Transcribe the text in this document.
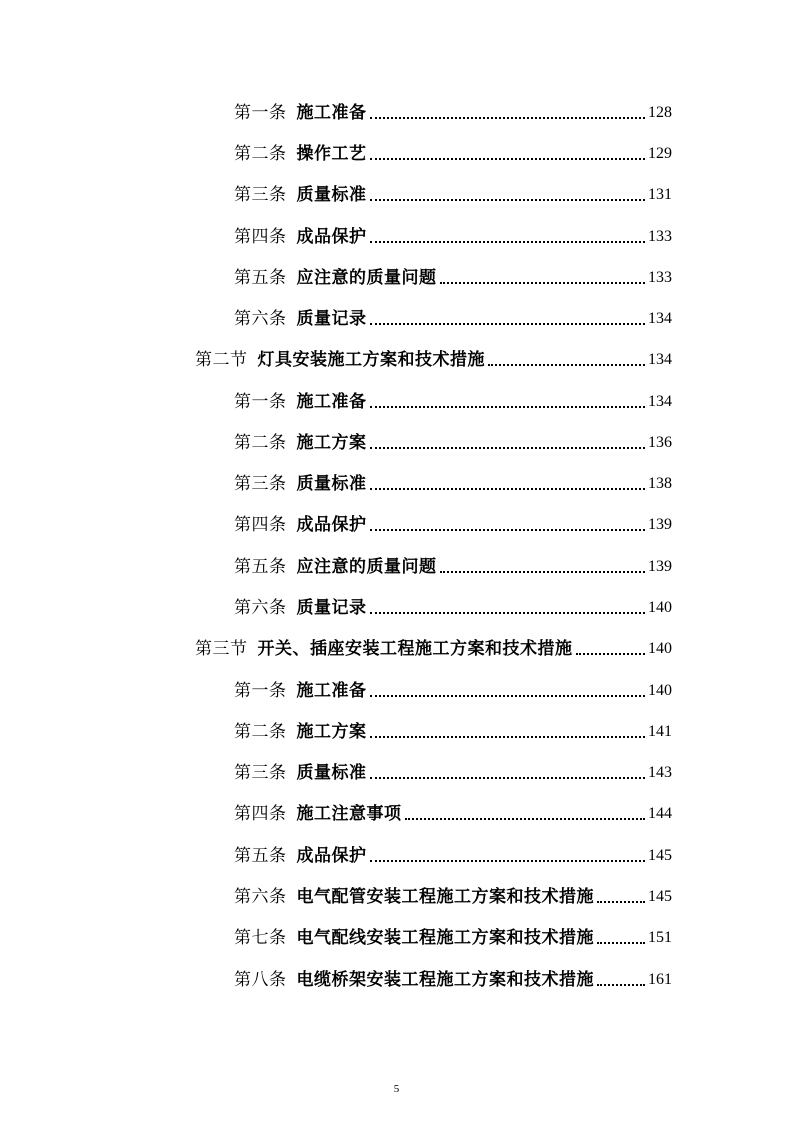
第一条 施工准备	128
第二条 操作工艺	129
第三条 质量标准	131
第四条 成品保护	133
第五条 应注意的质量问题	133
第六条 质量记录	134
第二节 灯具安装施工方案和技术措施	134
第一条 施工准备	134
第二条 施工方案	136
第三条 质量标准	138
第四条 成品保护	139
第五条 应注意的质量问题	139
第六条 质量记录	140
第三节 开关、插座安装工程施工方案和技术措施	140
第一条 施工准备	140
第二条 施工方案	141
第三条 质量标准	143
第四条 施工注意事项	144
第五条 成品保护	145
第六条 电气配管安装工程施工方案和技术措施	145
第七条 电气配线安装工程施工方案和技术措施	151
第八条 电缆桥架安装工程施工方案和技术措施	161
5
